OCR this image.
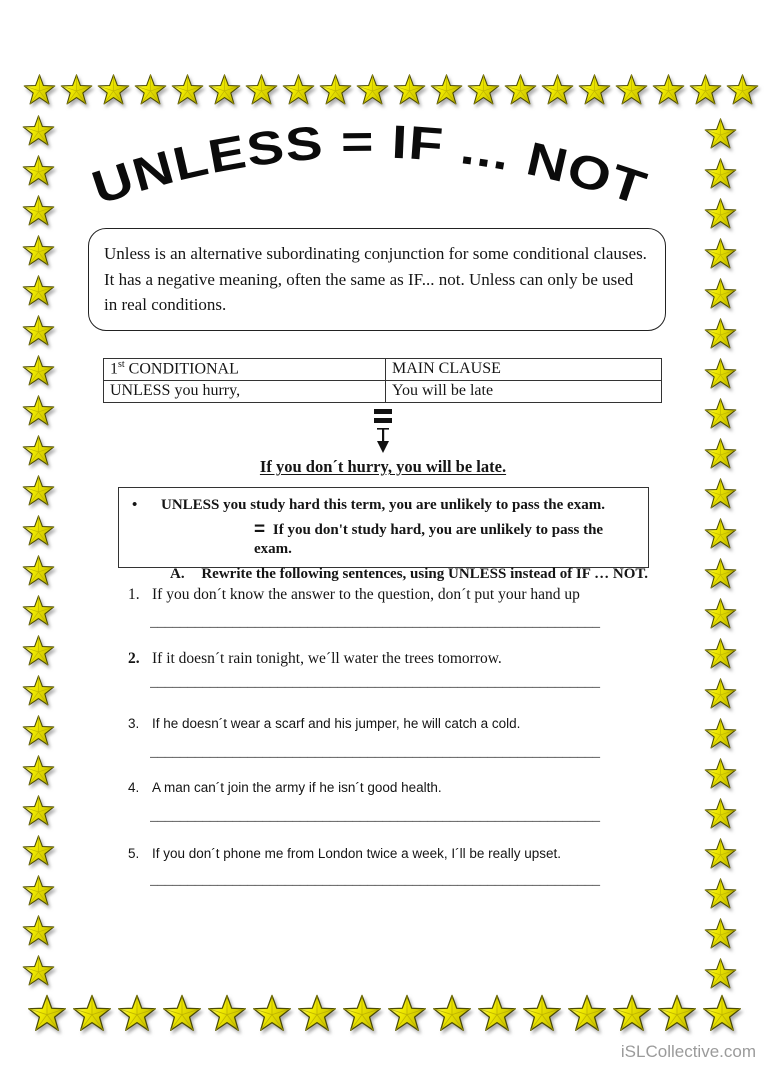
UNLESS = IF ... NOT
Unless is an alternative subordinating conjunction for some conditional clauses. It has a negative meaning, often the same as IF... not. Unless can only be used in real conditions.
1st CONDITIONAL	MAIN CLAUSE
UNLESS you hurry,	You will be late
If you don´t hurry, you will be late.
•	UNLESS you study hard this term, you are unlikely to pass the exam.
= If you don't study hard, you are unlikely to pass the exam.
A. Rewrite the following sentences, using UNLESS instead of IF … NOT.
1. If you don´t know the answer to the question, don´t put your hand up
____________________________________________________________
2. If it doesn´t rain tonight, we´ll water the trees tomorrow.
____________________________________________________________
3. If he doesn´t wear a scarf and his jumper, he will catch a cold.
____________________________________________________________
4. A man can´t join the army if he isn´t good health.
____________________________________________________________
5. If you don´t phone me from London twice a week, I´ll be really upset.
____________________________________________________________
iSLCollective.com
